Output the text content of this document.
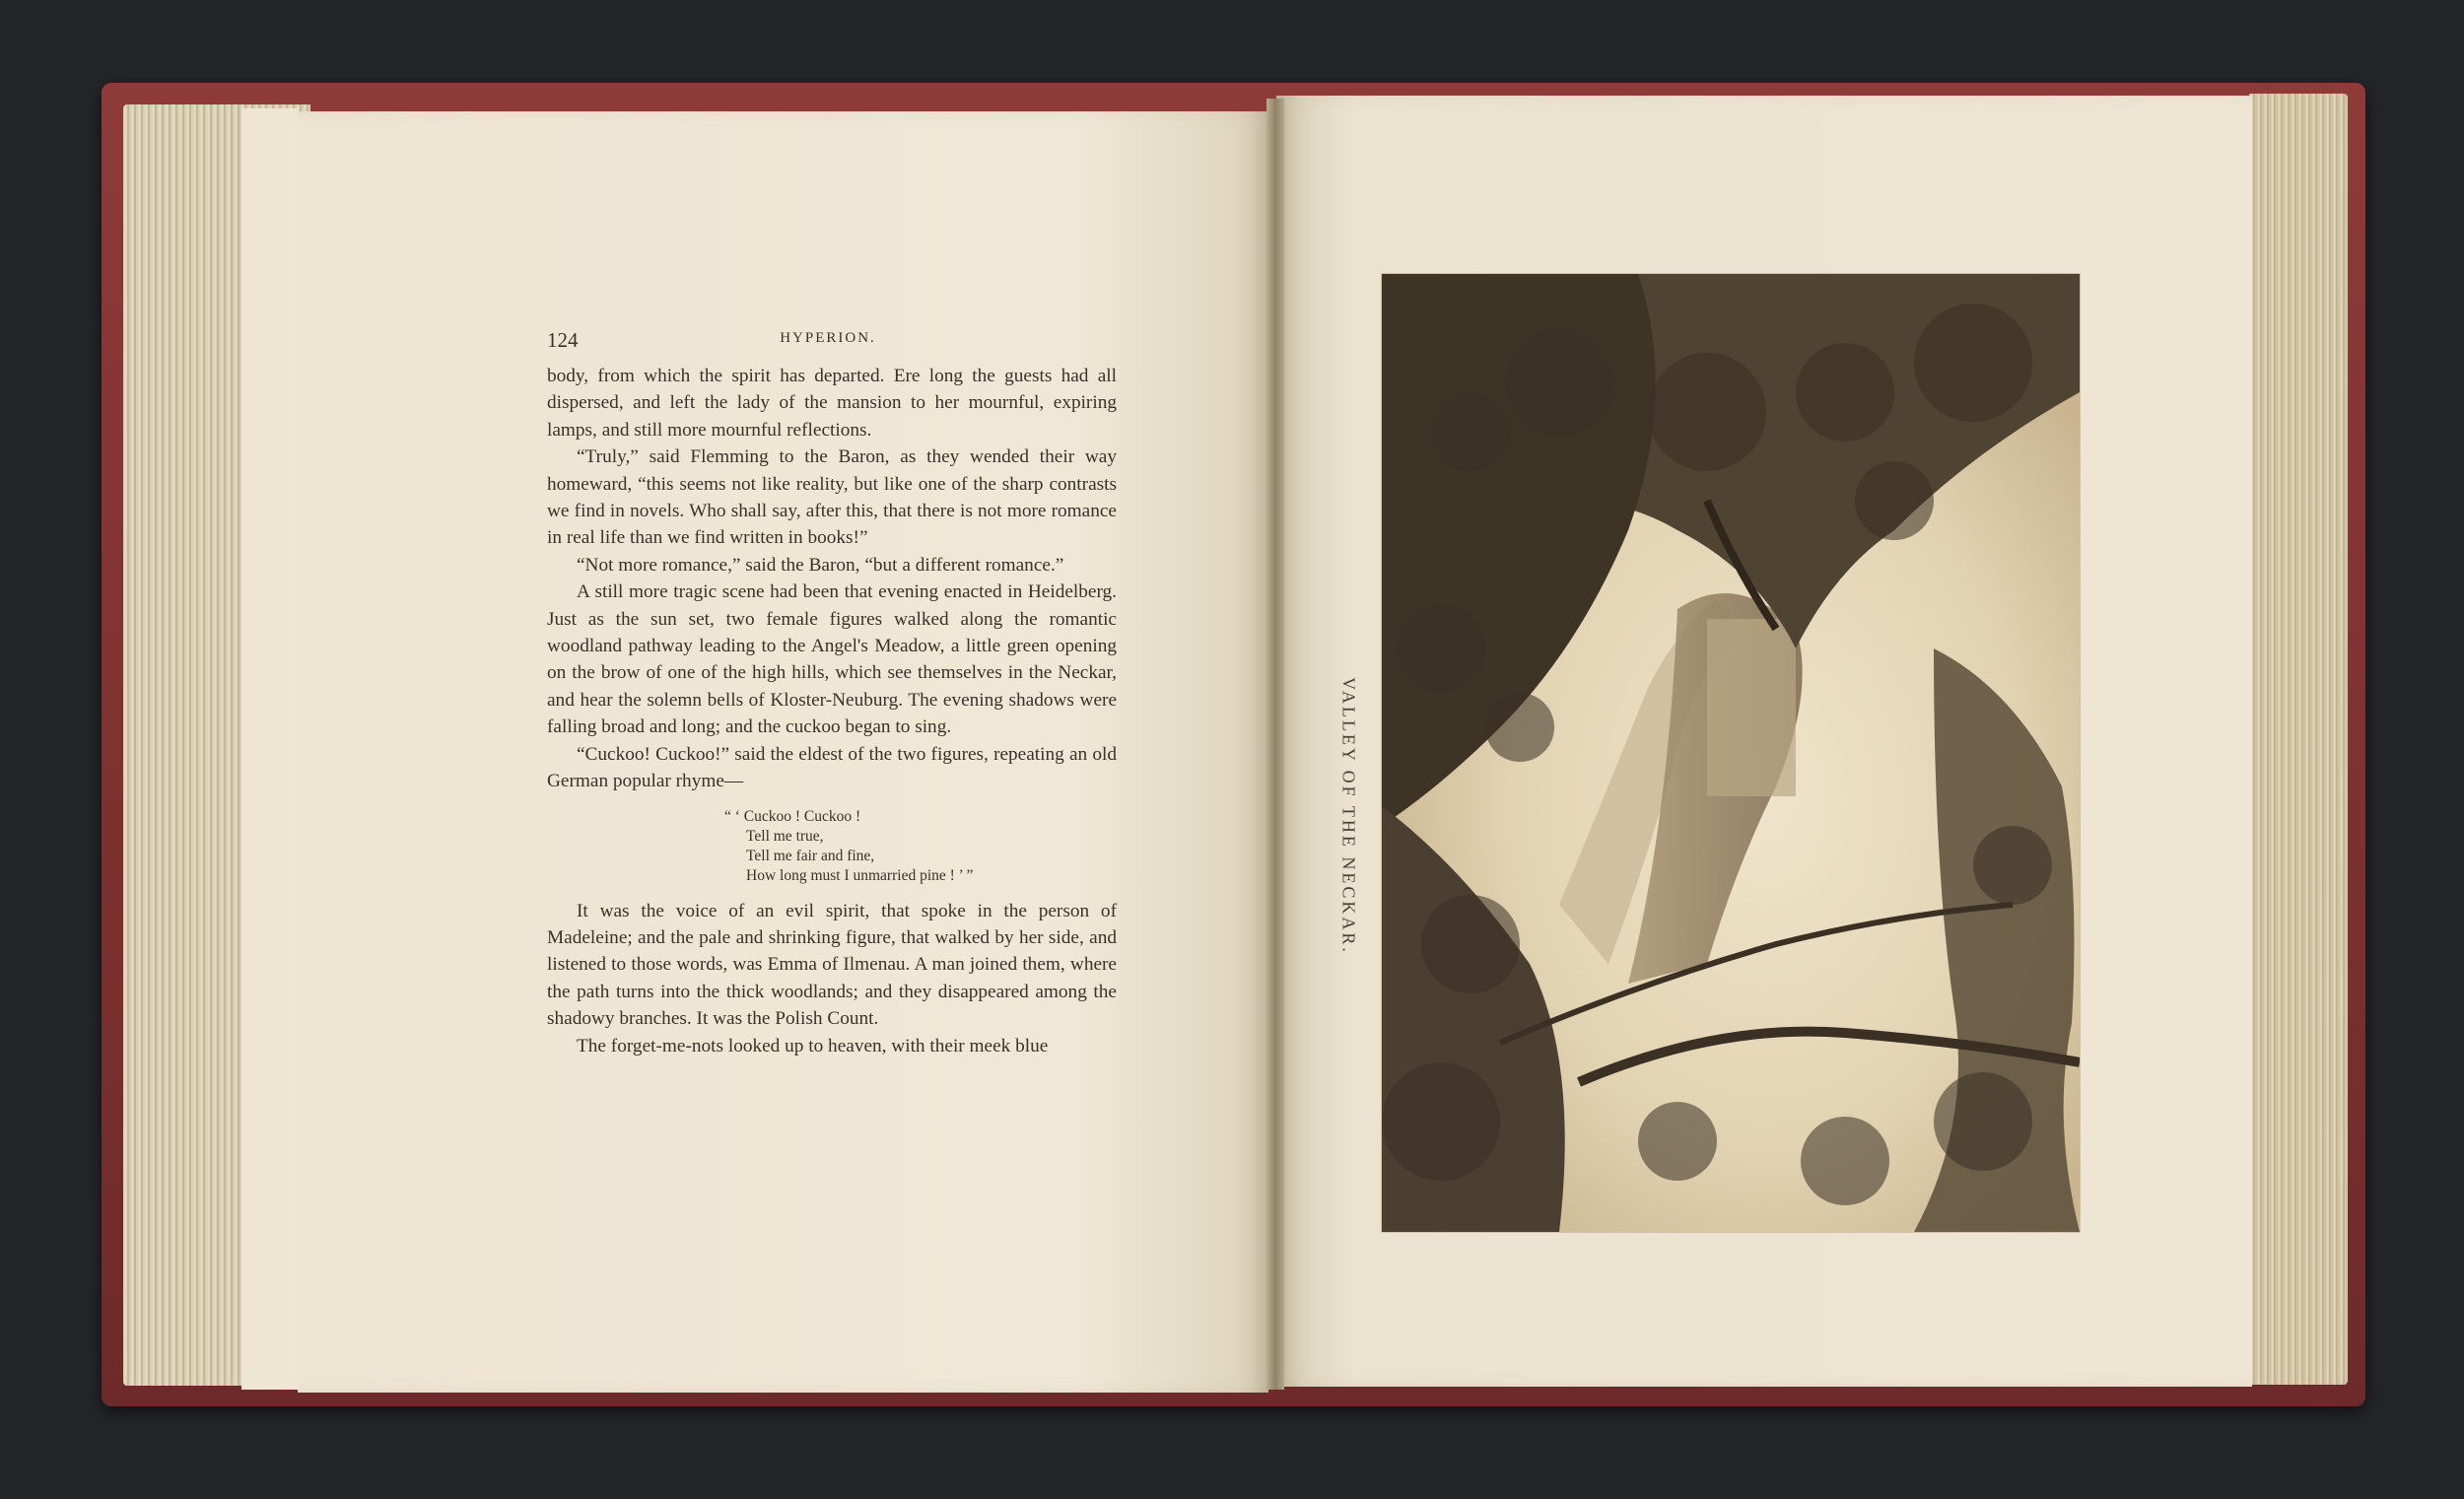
124	HYPERION.

body, from which the spirit has departed. Ere long the guests had all dispersed, and left the lady of the mansion to her mournful, expiring lamps, and still more mournful reflections.

“Truly,” said Flemming to the Baron, as they wended their way homeward, “this seems not like reality, but like one of the sharp contrasts we find in novels. Who shall say, after this, that there is not more romance in real life than we find written in books!”

“Not more romance,” said the Baron, “but a different romance.”

A still more tragic scene had been that evening enacted in Heidelberg. Just as the sun set, two female figures walked along the romantic woodland pathway leading to the Angel's Meadow, a little green opening on the brow of one of the high hills, which see themselves in the Neckar, and hear the solemn bells of Kloster-Neuburg. The evening shadows were falling broad and long; and the cuckoo began to sing.

“Cuckoo! Cuckoo!” said the eldest of the two figures, repeating an old German popular rhyme—

“ ‘ Cuckoo ! Cuckoo !
Tell me true,
Tell me fair and fine,
How long must I unmarried pine ! ’ ”

It was the voice of an evil spirit, that spoke in the person of Madeleine; and the pale and shrinking figure, that walked by her side, and listened to those words, was Emma of Ilmenau. A man joined them, where the path turns into the thick woodlands; and they disappeared among the shadowy branches. It was the Polish Count.

The forget-me-nots looked up to heaven, with their meek blue

VALLEY OF THE NECKAR.
